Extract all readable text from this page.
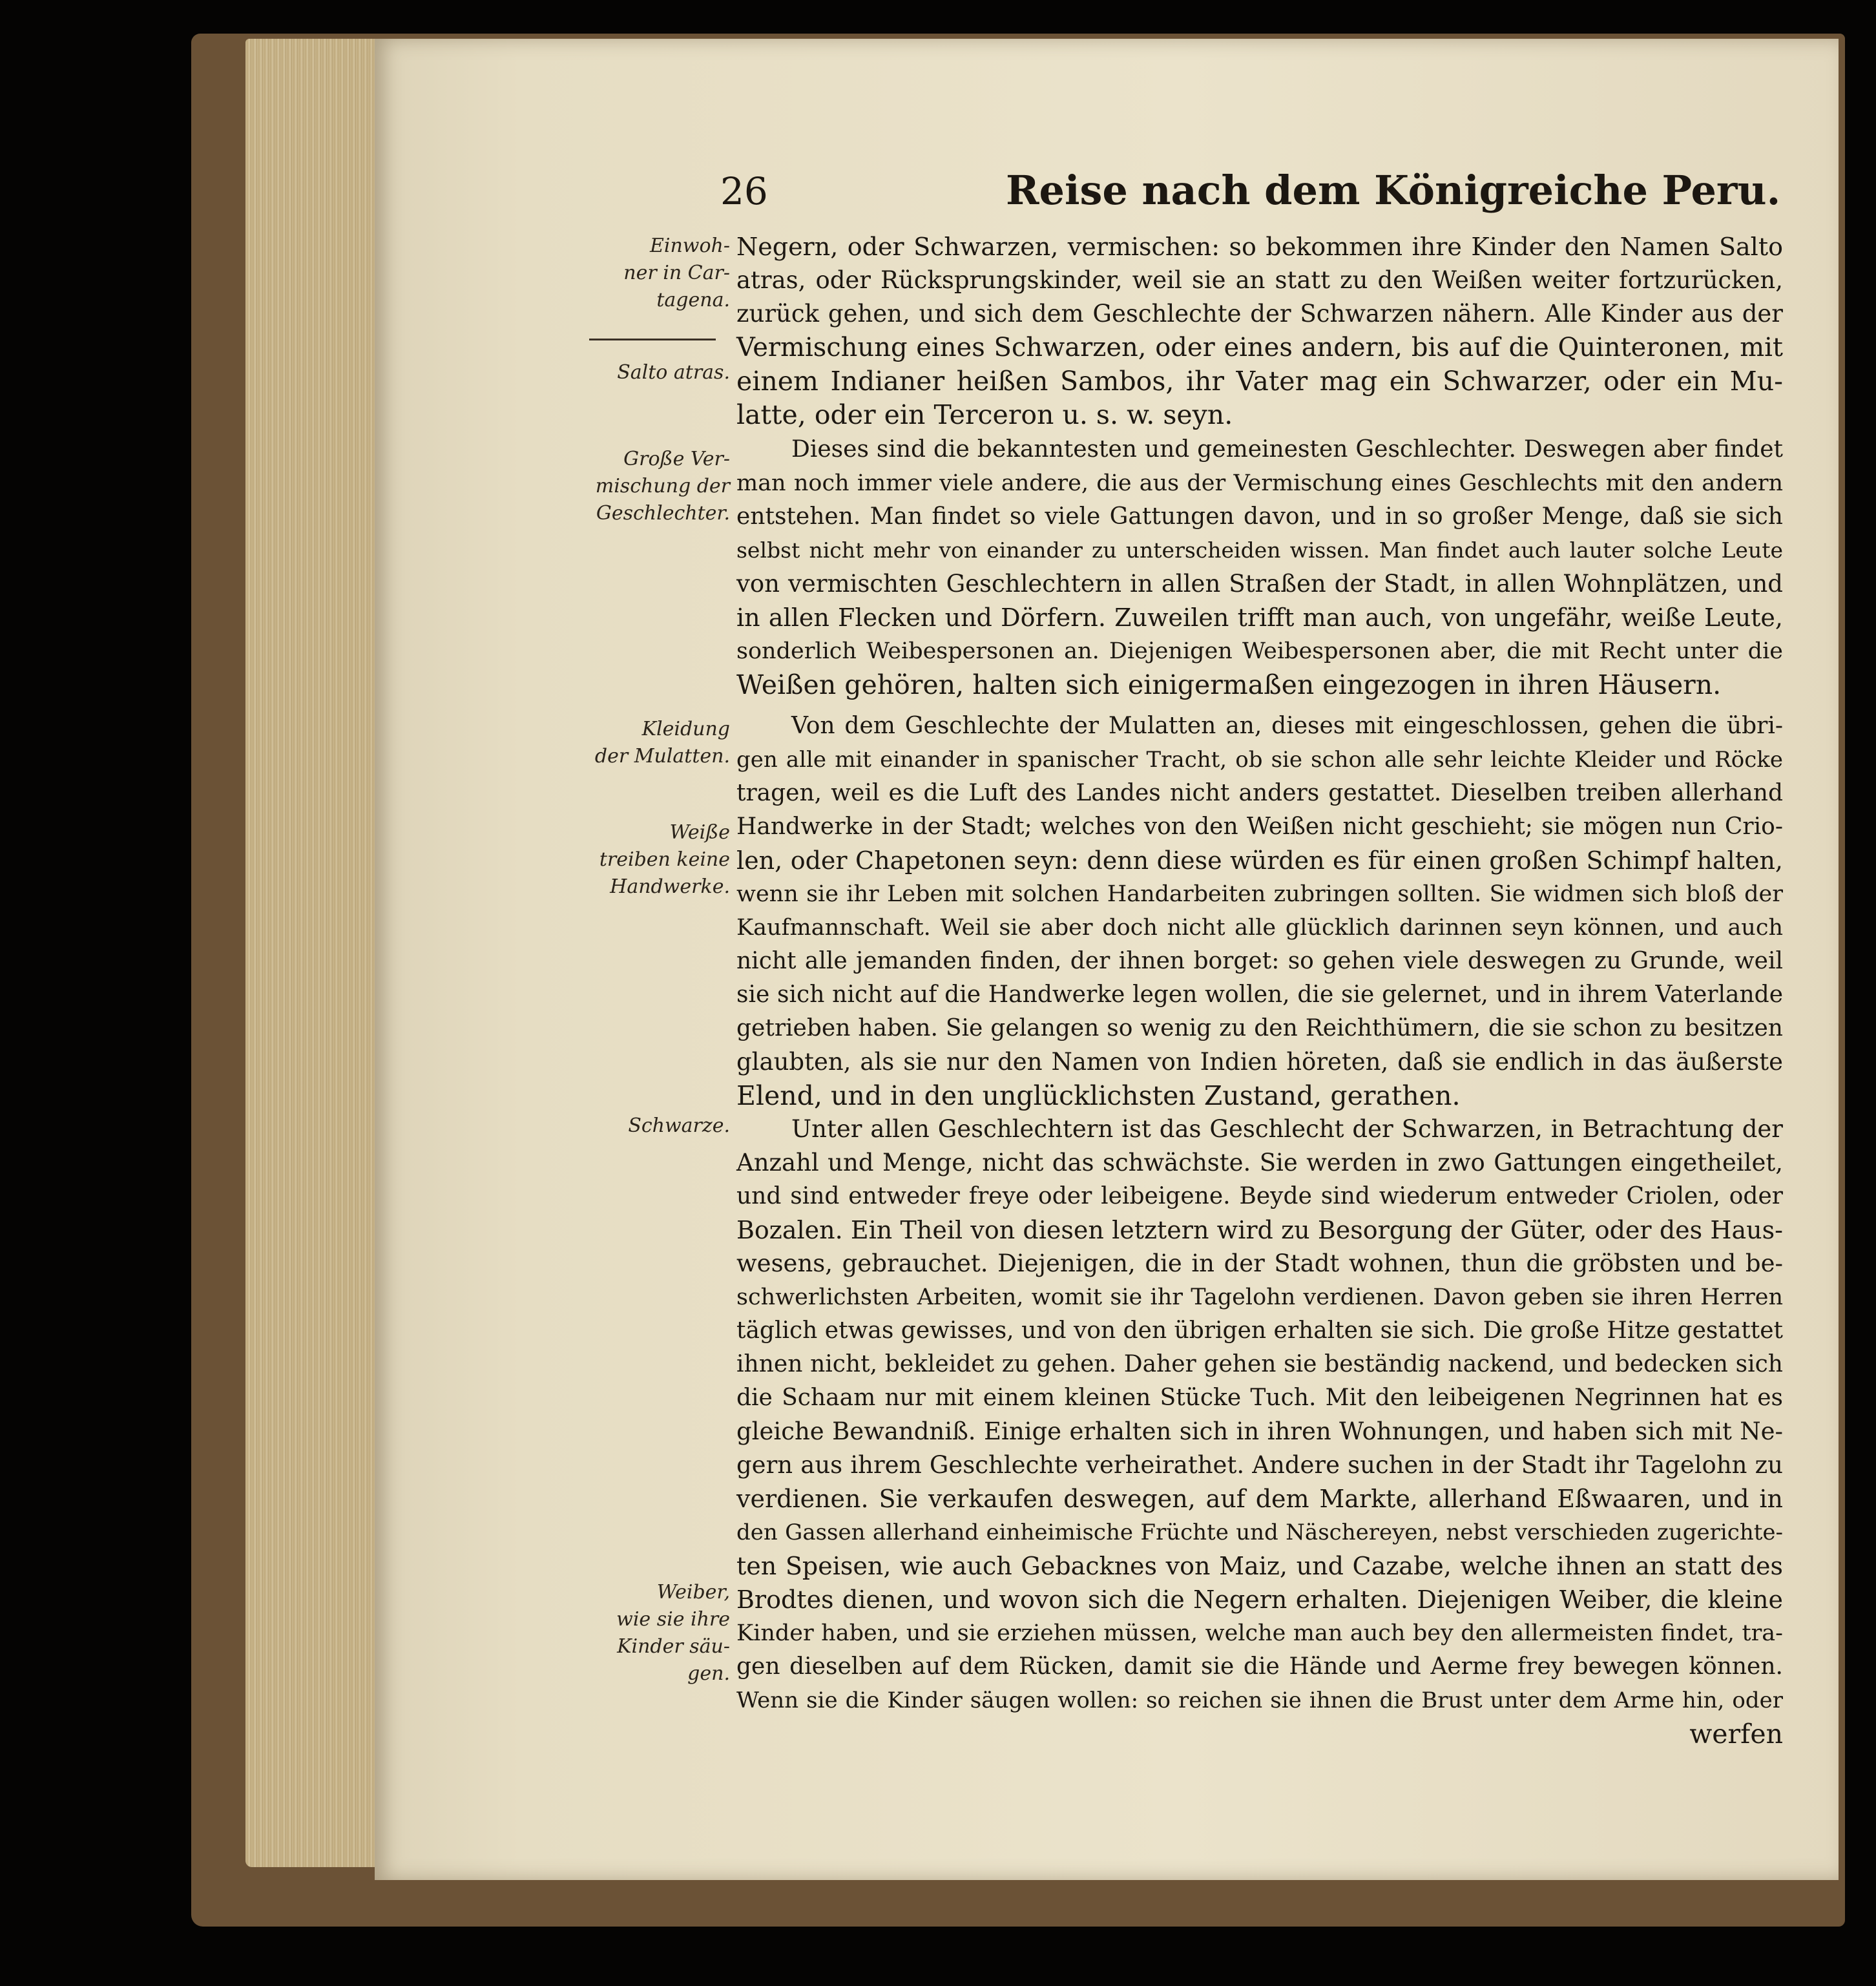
26	Reise nach dem Königreiche Peru.
Einwoh-
ner in Car-
tagena.
Salto atras.
Große Ver-
mischung der
Geschlechter.
Kleidung
der Mulatten.
Weiße
treiben keine
Handwerke.
Schwarze.
Weiber,
wie sie ihre
Kinder säu-
gen.
Negern, oder Schwarzen, vermischen: so bekommen ihre Kinder den Namen Salto
atras, oder Rücksprungskinder, weil sie an statt zu den Weißen weiter fortzurücken,
zurück gehen, und sich dem Geschlechte der Schwarzen nähern. Alle Kinder aus der
Vermischung eines Schwarzen, oder eines andern, bis auf die Quinteronen, mit
einem Indianer heißen Sambos, ihr Vater mag ein Schwarzer, oder ein Mu-
latte, oder ein Terceron u. s. w. seyn.
Dieses sind die bekanntesten und gemeinesten Geschlechter. Deswegen aber findet
man noch immer viele andere, die aus der Vermischung eines Geschlechts mit den andern
entstehen. Man findet so viele Gattungen davon, und in so großer Menge, daß sie sich
selbst nicht mehr von einander zu unterscheiden wissen. Man findet auch lauter solche Leute
von vermischten Geschlechtern in allen Straßen der Stadt, in allen Wohnplätzen, und
in allen Flecken und Dörfern. Zuweilen trifft man auch, von ungefähr, weiße Leute,
sonderlich Weibespersonen an. Diejenigen Weibespersonen aber, die mit Recht unter die
Weißen gehören, halten sich einigermaßen eingezogen in ihren Häusern.
Von dem Geschlechte der Mulatten an, dieses mit eingeschlossen, gehen die übri-
gen alle mit einander in spanischer Tracht, ob sie schon alle sehr leichte Kleider und Röcke
tragen, weil es die Luft des Landes nicht anders gestattet. Dieselben treiben allerhand
Handwerke in der Stadt; welches von den Weißen nicht geschieht; sie mögen nun Crio-
len, oder Chapetonen seyn: denn diese würden es für einen großen Schimpf halten,
wenn sie ihr Leben mit solchen Handarbeiten zubringen sollten. Sie widmen sich bloß der
Kaufmannschaft. Weil sie aber doch nicht alle glücklich darinnen seyn können, und auch
nicht alle jemanden finden, der ihnen borget: so gehen viele deswegen zu Grunde, weil
sie sich nicht auf die Handwerke legen wollen, die sie gelernet, und in ihrem Vaterlande
getrieben haben. Sie gelangen so wenig zu den Reichthümern, die sie schon zu besitzen
glaubten, als sie nur den Namen von Indien höreten, daß sie endlich in das äußerste
Elend, und in den unglücklichsten Zustand, gerathen.
Unter allen Geschlechtern ist das Geschlecht der Schwarzen, in Betrachtung der
Anzahl und Menge, nicht das schwächste. Sie werden in zwo Gattungen eingetheilet,
und sind entweder freye oder leibeigene. Beyde sind wiederum entweder Criolen, oder
Bozalen. Ein Theil von diesen letztern wird zu Besorgung der Güter, oder des Haus-
wesens, gebrauchet. Diejenigen, die in der Stadt wohnen, thun die gröbsten und be-
schwerlichsten Arbeiten, womit sie ihr Tagelohn verdienen. Davon geben sie ihren Herren
täglich etwas gewisses, und von den übrigen erhalten sie sich. Die große Hitze gestattet
ihnen nicht, bekleidet zu gehen. Daher gehen sie beständig nackend, und bedecken sich
die Schaam nur mit einem kleinen Stücke Tuch. Mit den leibeigenen Negrinnen hat es
gleiche Bewandniß. Einige erhalten sich in ihren Wohnungen, und haben sich mit Ne-
gern aus ihrem Geschlechte verheirathet. Andere suchen in der Stadt ihr Tagelohn zu
verdienen. Sie verkaufen deswegen, auf dem Markte, allerhand Eßwaaren, und in
den Gassen allerhand einheimische Früchte und Näschereyen, nebst verschieden zugerichte-
ten Speisen, wie auch Gebacknes von Maiz, und Cazabe, welche ihnen an statt des
Brodtes dienen, und wovon sich die Negern erhalten. Diejenigen Weiber, die kleine
Kinder haben, und sie erziehen müssen, welche man auch bey den allermeisten findet, tra-
gen dieselben auf dem Rücken, damit sie die Hände und Aerme frey bewegen können.
Wenn sie die Kinder säugen wollen: so reichen sie ihnen die Brust unter dem Arme hin, oder
werfen
